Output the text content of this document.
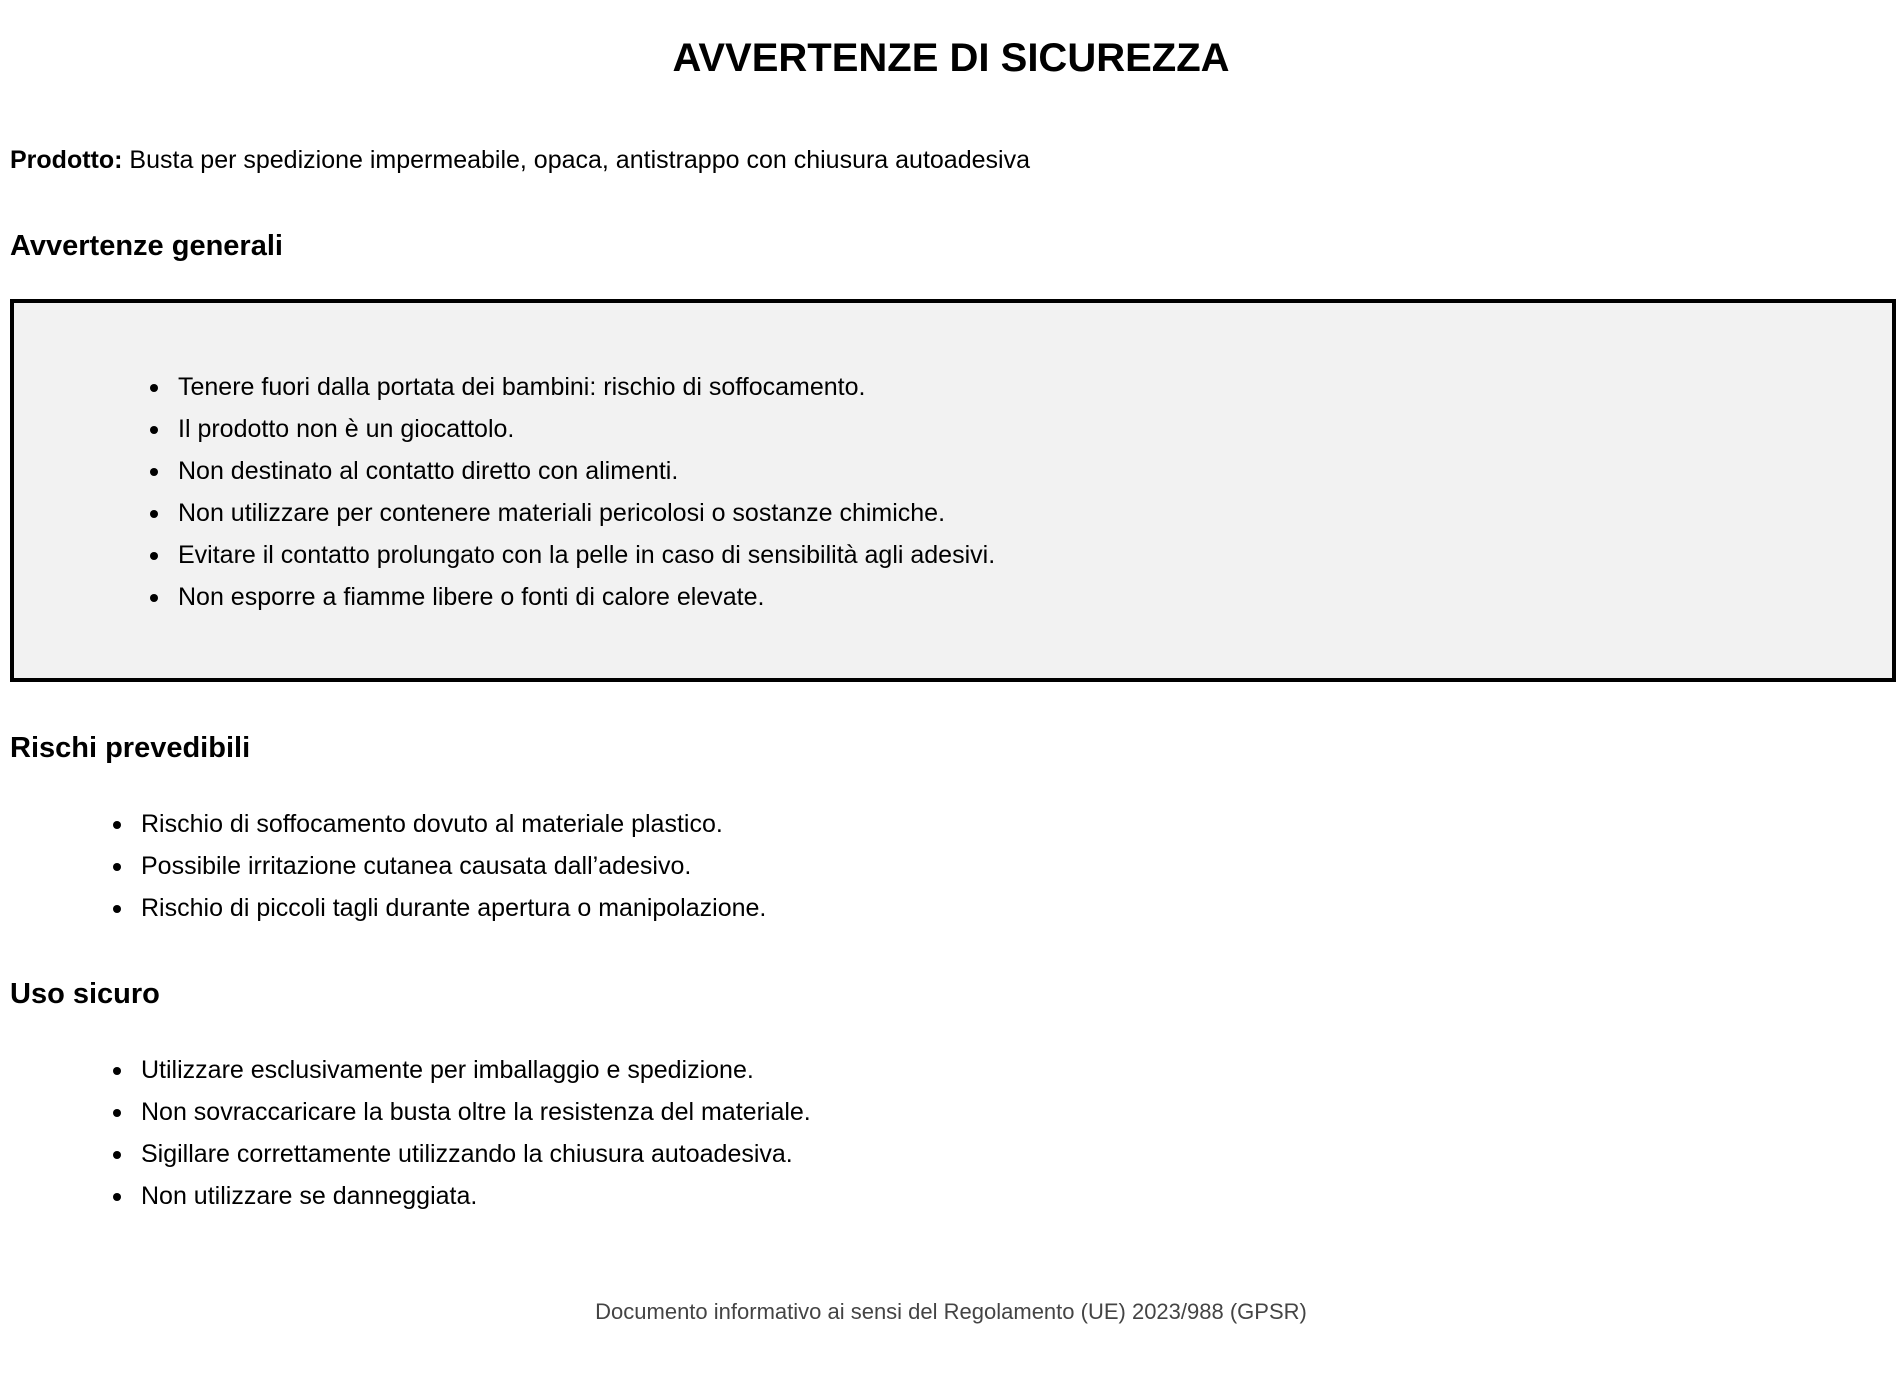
AVVERTENZE DI SICUREZZA

Prodotto: Busta per spedizione impermeabile, opaca, antistrappo con chiusura autoadesiva

Avvertenze generali
Tenere fuori dalla portata dei bambini: rischio di soffocamento.
Il prodotto non è un giocattolo.
Non destinato al contatto diretto con alimenti.
Non utilizzare per contenere materiali pericolosi o sostanze chimiche.
Evitare il contatto prolungato con la pelle in caso di sensibilità agli adesivi.
Non esporre a fiamme libere o fonti di calore elevate.
Rischi prevedibili
Rischio di soffocamento dovuto al materiale plastico.
Possibile irritazione cutanea causata dall’adesivo.
Rischio di piccoli tagli durante apertura o manipolazione.
Uso sicuro
Utilizzare esclusivamente per imballaggio e spedizione.
Non sovraccaricare la busta oltre la resistenza del materiale.
Sigillare correttamente utilizzando la chiusura autoadesiva.
Non utilizzare se danneggiata.
Documento informativo ai sensi del Regolamento (UE) 2023/988 (GPSR)
